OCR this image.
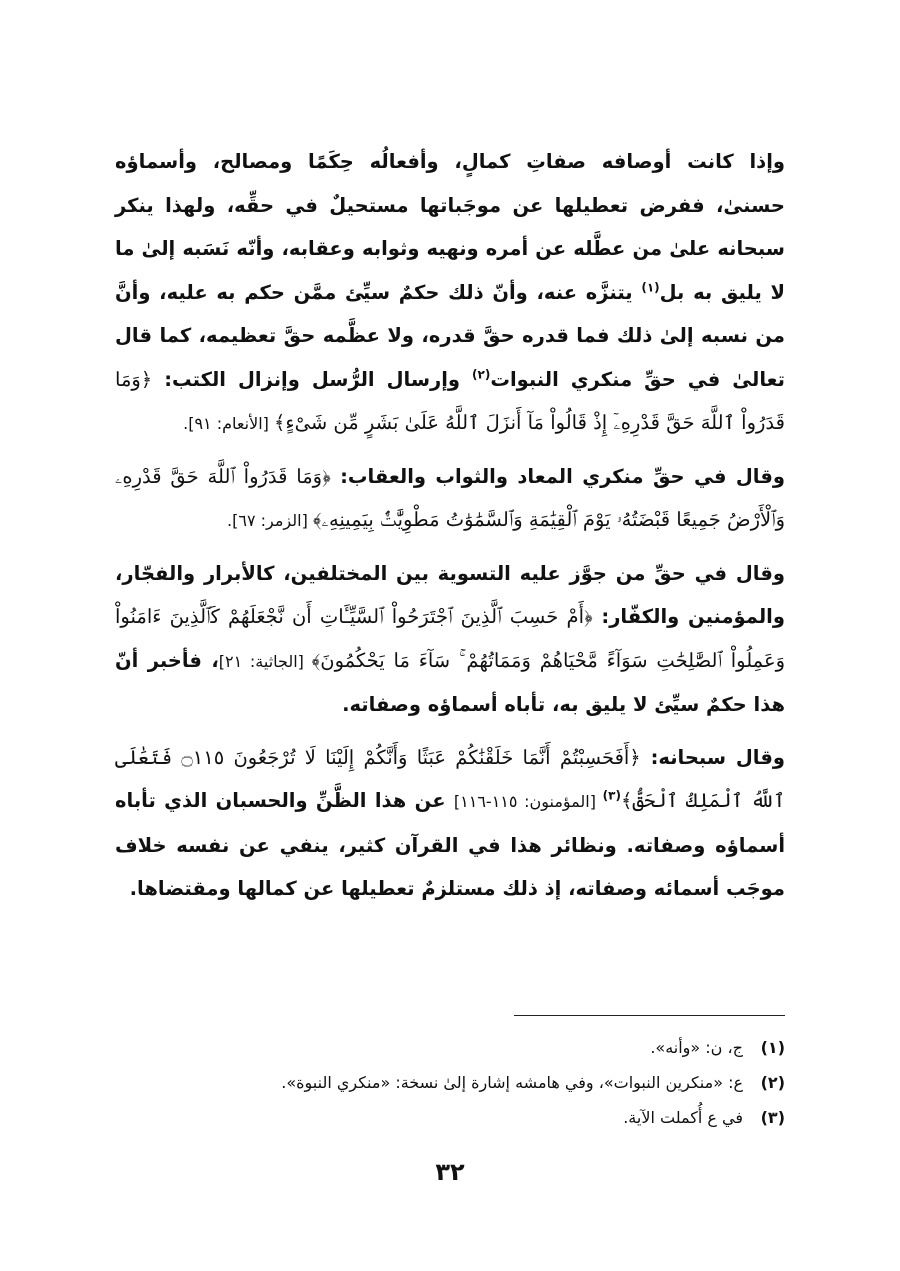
وإذا كانت أوصافه صفاتِ كمالٍ، وأفعالُه حِكَمًا ومصالح، وأسماؤه حسنىٰ، ففرض تعطيلها عن موجَباتها مستحيلٌ في حقِّه، ولهذا ينكر سبحانه علىٰ من عطَّله عن أمره ونهيه وثوابه وعقابه، وأنّه نَسَبه إلىٰ ما لا يليق به بل$^{(١)}$ يتنزَّه عنه، وأنّ ذلك حكمٌ سيِّئ ممَّن حكم به عليه، وأنَّ من نسبه إلىٰ ذلك فما قدره حقَّ قدره، ولا عظَّمه حقَّ تعظيمه، كما قال تعالىٰ في حقِّ منكري النبوات$^{(٢)}$ وإرسال الرُّسل وإنزال الكتب: ﴿وَمَا قَدَرُواْ ٱللَّهَ حَقَّ قَدْرِهِۦٓ إِذْ قَالُواْ مَآ أَنزَلَ ٱللَّهُ عَلَىٰ بَشَرٍ مِّن شَىْءٍ﴾ [الأنعام: ٩١].

وقال في حقِّ منكري المعاد والثواب والعقاب: ﴿وَمَا قَدَرُواْ ٱللَّهَ حَقَّ قَدْرِهِۦ وَٱلْأَرْضُ جَمِيعًا قَبْضَتُهُۥ يَوْمَ ٱلْقِيَٰمَةِ وَٱلسَّمَٰوَٰتُ مَطْوِيَّٰتٌۢ بِيَمِينِهِۦ﴾ [الزمر: ٦٧].

وقال في حقِّ من جوَّز عليه التسوية بين المختلفين، كالأبرار والفجّار، والمؤمنين والكفّار: ﴿أَمْ حَسِبَ ٱلَّذِينَ ٱجْتَرَحُواْ ٱلسَّيِّـَٔاتِ أَن نَّجْعَلَهُمْ كَٱلَّذِينَ ءَامَنُواْ وَعَمِلُواْ ٱلصَّٰلِحَٰتِ سَوَآءً مَّحْيَاهُمْ وَمَمَاتُهُمْ ۚ سَآءَ مَا يَحْكُمُونَ﴾ [الجاثية: ٢١]، فأخبر أنّ هذا حكمٌ سيِّئ لا يليق به، تأباه أسماؤه وصفاته.

وقال سبحانه: ﴿أَفَحَسِبْتُمْ أَنَّمَا خَلَقْنَٰكُمْ عَبَثًا وَأَنَّكُمْ إِلَيْنَا لَا تُرْجَعُونَ ۝١١٥ فَتَعَٰلَى ٱللَّهُ ٱلْمَلِكُ ٱلْحَقُّ﴾$^{(٣)}$ [المؤمنون: ١١٥-١١٦] عن هذا الظَّنِّ والحسبان الذي تأباه أسماؤه وصفاته. ونظائر هذا في القرآن كثير، ينفي عن نفسه خلاف موجَب أسمائه وصفاته، إذ ذلك مستلزمٌ تعطيلها عن كمالها ومقتضاها.

(١)ج، ن: «وأنه».
(٢)ع: «منكرين النبوات»، وفي هامشه إشارة إلىٰ نسخة: «منكري النبوة».
(٣)في ع أُكملت الآية.
٣٢
